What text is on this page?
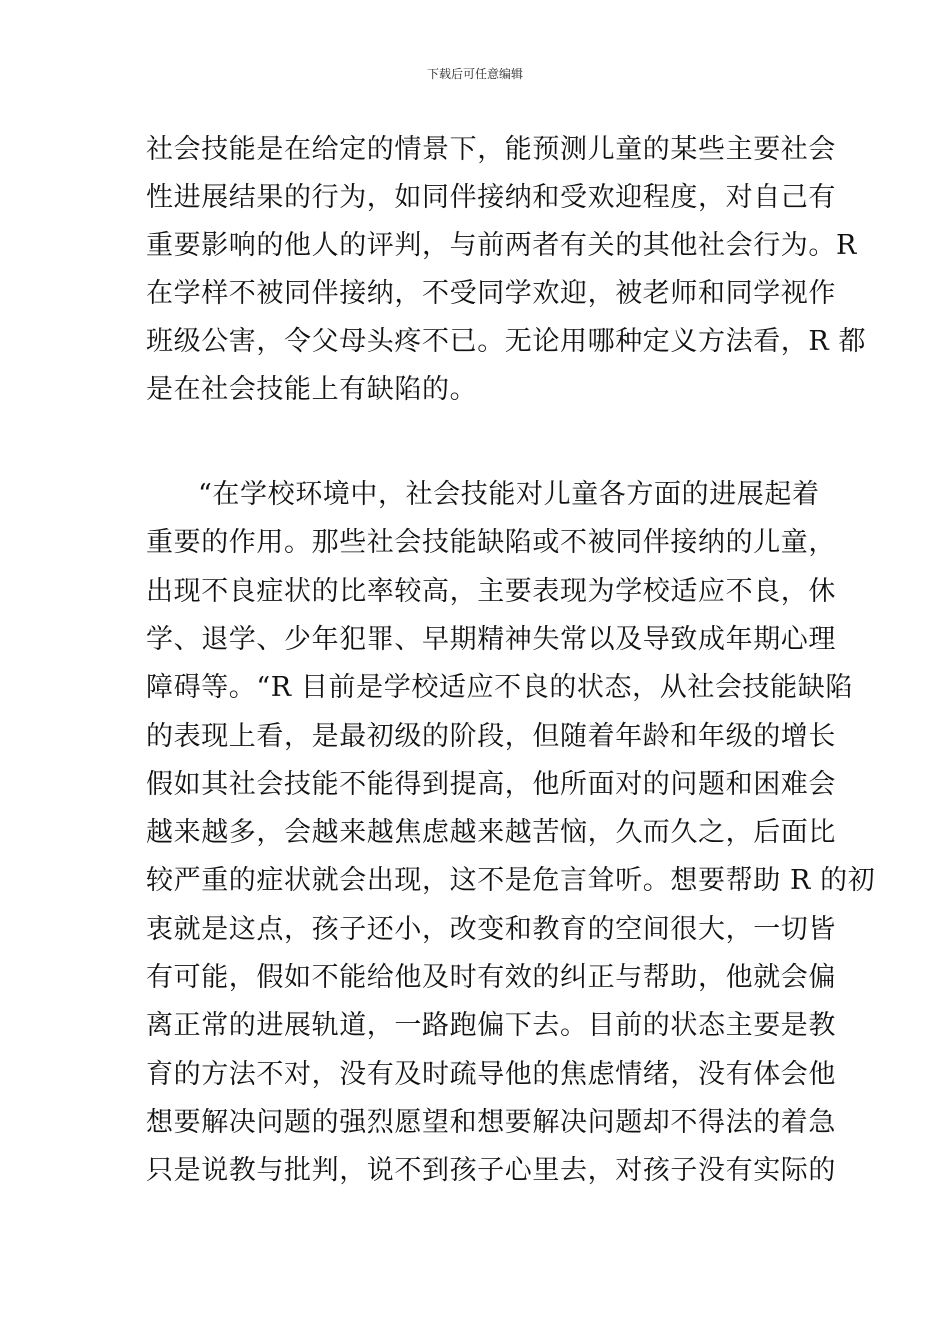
下载后可任意编辑
社会技能是在给定的情景下，能预测儿童的某些主要社会
性进展结果的行为，如同伴接纳和受欢迎程度，对自己有
重要影响的他人的评判，与前两者有关的其他社会行为。R
在学样不被同伴接纳，不受同学欢迎，被老师和同学视作
班级公害，令父母头疼不已。无论用哪种定义方法看，R 都
是在社会技能上有缺陷的。
“在学校环境中，社会技能对儿童各方面的进展起着
重要的作用。那些社会技能缺陷或不被同伴接纳的儿童，
出现不良症状的比率较高，主要表现为学校适应不良，休
学、退学、少年犯罪、早期精神失常以及导致成年期心理
障碍等。“R 目前是学校适应不良的状态，从社会技能缺陷
的表现上看，是最初级的阶段，但随着年龄和年级的增长
假如其社会技能不能得到提高，他所面对的问题和困难会
越来越多，会越来越焦虑越来越苦恼，久而久之，后面比
较严重的症状就会出现，这不是危言耸听。想要帮助 R 的初
衷就是这点，孩子还小，改变和教育的空间很大，一切皆
有可能，假如不能给他及时有效的纠正与帮助，他就会偏
离正常的进展轨道，一路跑偏下去。目前的状态主要是教
育的方法不对，没有及时疏导他的焦虑情绪，没有体会他
想要解决问题的强烈愿望和想要解决问题却不得法的着急
只是说教与批判，说不到孩子心里去，对孩子没有实际的
